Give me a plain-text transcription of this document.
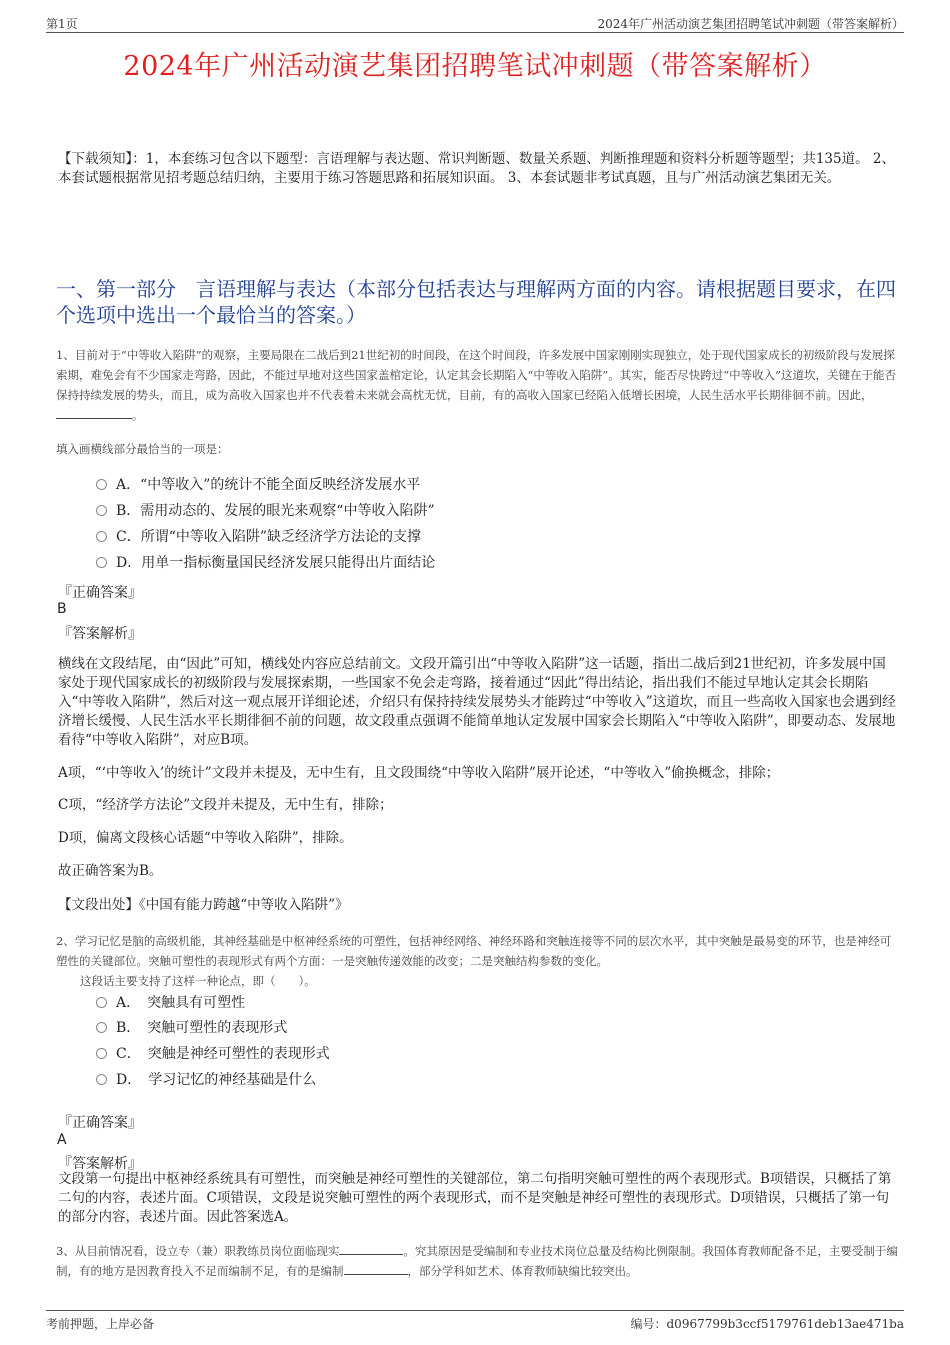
第1页	2024年广州活动演艺集团招聘笔试冲刺题（带答案解析）
2024年广州活动演艺集团招聘笔试冲刺题（带答案解析）
【下载须知】：1，本套练习包含以下题型：言语理解与表达题、常识判断题、数量关系题、判断推理题和资料分析题等题型；共135道。 2、本套试题根据常见招考题总结归纳，主要用于练习答题思路和拓展知识面。 3、本套试题非考试真题，且与广州活动演艺集团无关。
一、第一部分　言语理解与表达（本部分包括表达与理解两方面的内容。请根据题目要求，在四个选项中选出一个最恰当的答案。）
1、目前对于“中等收入陷阱”的观察，主要局限在二战后到21世纪初的时间段，在这个时间段，许多发展中国家刚刚实现独立，处于现代国家成长的初级阶段与发展探索期，难免会有不少国家走弯路，因此，不能过早地对这些国家盖棺定论，认定其会长期陷入“中等收入陷阱”。其实，能否尽快跨过“中等收入”这道坎，关键在于能否保持持续发展的势头，而且，成为高收入国家也并不代表着未来就会高枕无忧，目前，有的高收入国家已经陷入低增长困境，人民生活水平长期徘徊不前。因此，。
填入画横线部分最恰当的一项是：
A．“中等收入”的统计不能全面反映经济发展水平
B．需用动态的、发展的眼光来观察“中等收入陷阱”
C．所谓“中等收入陷阱”缺乏经济学方法论的支撑
D．用单一指标衡量国民经济发展只能得出片面结论
『正确答案』
B
『答案解析』
横线在文段结尾，由“因此”可知，横线处内容应总结前文。文段开篇引出“中等收入陷阱”这一话题，指出二战后到21世纪初，许多发展中国家处于现代国家成长的初级阶段与发展探索期，一些国家不免会走弯路，接着通过“因此”得出结论，指出我们不能过早地认定其会长期陷入“中等收入陷阱”，然后对这一观点展开详细论述，介绍只有保持持续发展势头才能跨过“中等收入”这道坎，而且一些高收入国家也会遇到经济增长缓慢、人民生活水平长期徘徊不前的问题，故文段重点强调不能简单地认定发展中国家会长期陷入“中等收入陷阱”，即要动态、发展地看待“中等收入陷阱”，对应B项。
A项，“‘中等收入’的统计”文段并未提及，无中生有，且文段围绕“中等收入陷阱”展开论述，“中等收入”偷换概念，排除；
C项，“经济学方法论”文段并未提及，无中生有，排除；
D项，偏离文段核心话题“中等收入陷阱”，排除。
故正确答案为B。
【文段出处】《中国有能力跨越“中等收入陷阱”》
2、学习记忆是脑的高级机能，其神经基础是中枢神经系统的可塑性，包括神经网络、神经环路和突触连接等不同的层次水平，其中突触是最易变的环节，也是神经可塑性的关键部位。突触可塑性的表现形式有两个方面：一是突触传递效能的改变；二是突触结构参数的变化。
这段话主要支持了这样一种论点，即（　　）。
A．　突触具有可塑性
B．　突触可塑性的表现形式
C．　突触是神经可塑性的表现形式
D．　学习记忆的神经基础是什么
『正确答案』
A
『答案解析』
文段第一句提出中枢神经系统具有可塑性，而突触是神经可塑性的关键部位，第二句指明突触可塑性的两个表现形式。B项错误，只概括了第二句的内容，表述片面。C项错误，文段是说突触可塑性的两个表现形式，而不是突触是神经可塑性的表现形式。D项错误，只概括了第一句的部分内容，表述片面。因此答案选A。
3、从目前情况看，设立专（兼）职教练员岗位面临现实	。究其原因是受编制和专业技术岗位总量及结构比例限制。我国体育教师配备不足，主要受制于编制，有的地方是因教育投入不足而编制不足，有的是编制	，部分学科如艺术、体育教师缺编比较突出。
考前押题，上岸必备	编号：d0967799b3ccf5179761deb13ae471ba
